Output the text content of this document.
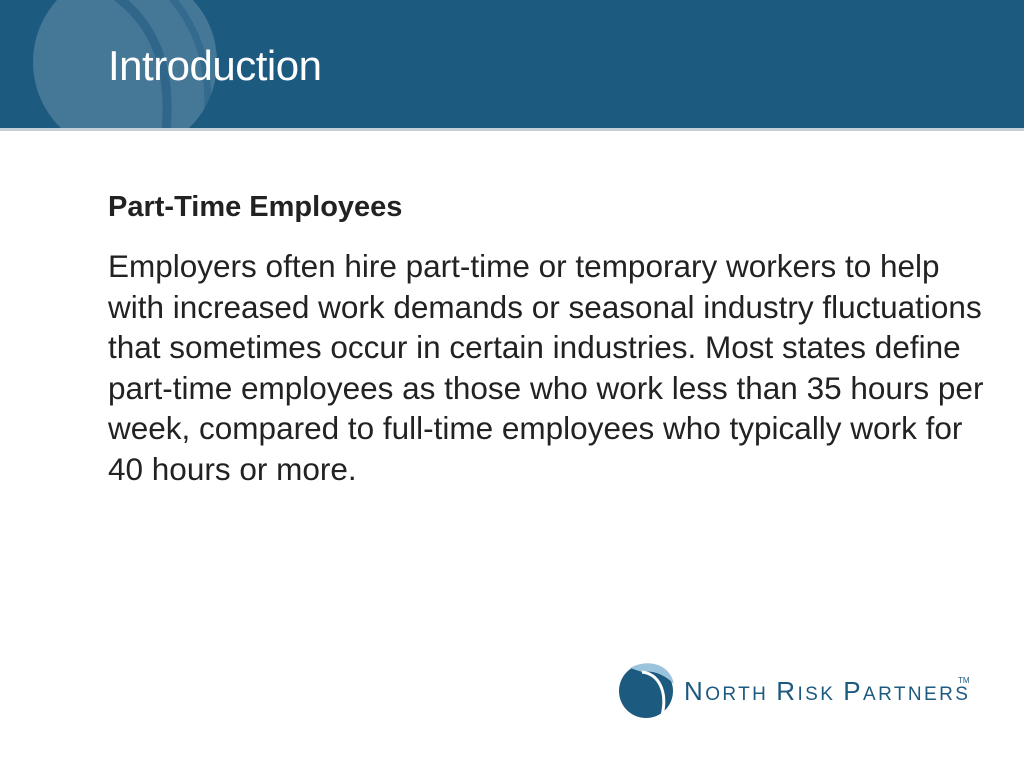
Introduction
Part-Time Employees

Employers often hire part-time or temporary workers to help with increased work demands or seasonal industry fluctuations that sometimes occur in certain industries. Most states define part-time employees as those who work less than 35 hours per week, compared to full-time employees who typically work for 40 hours or more.

NORTH RISK PARTNERS
TM
